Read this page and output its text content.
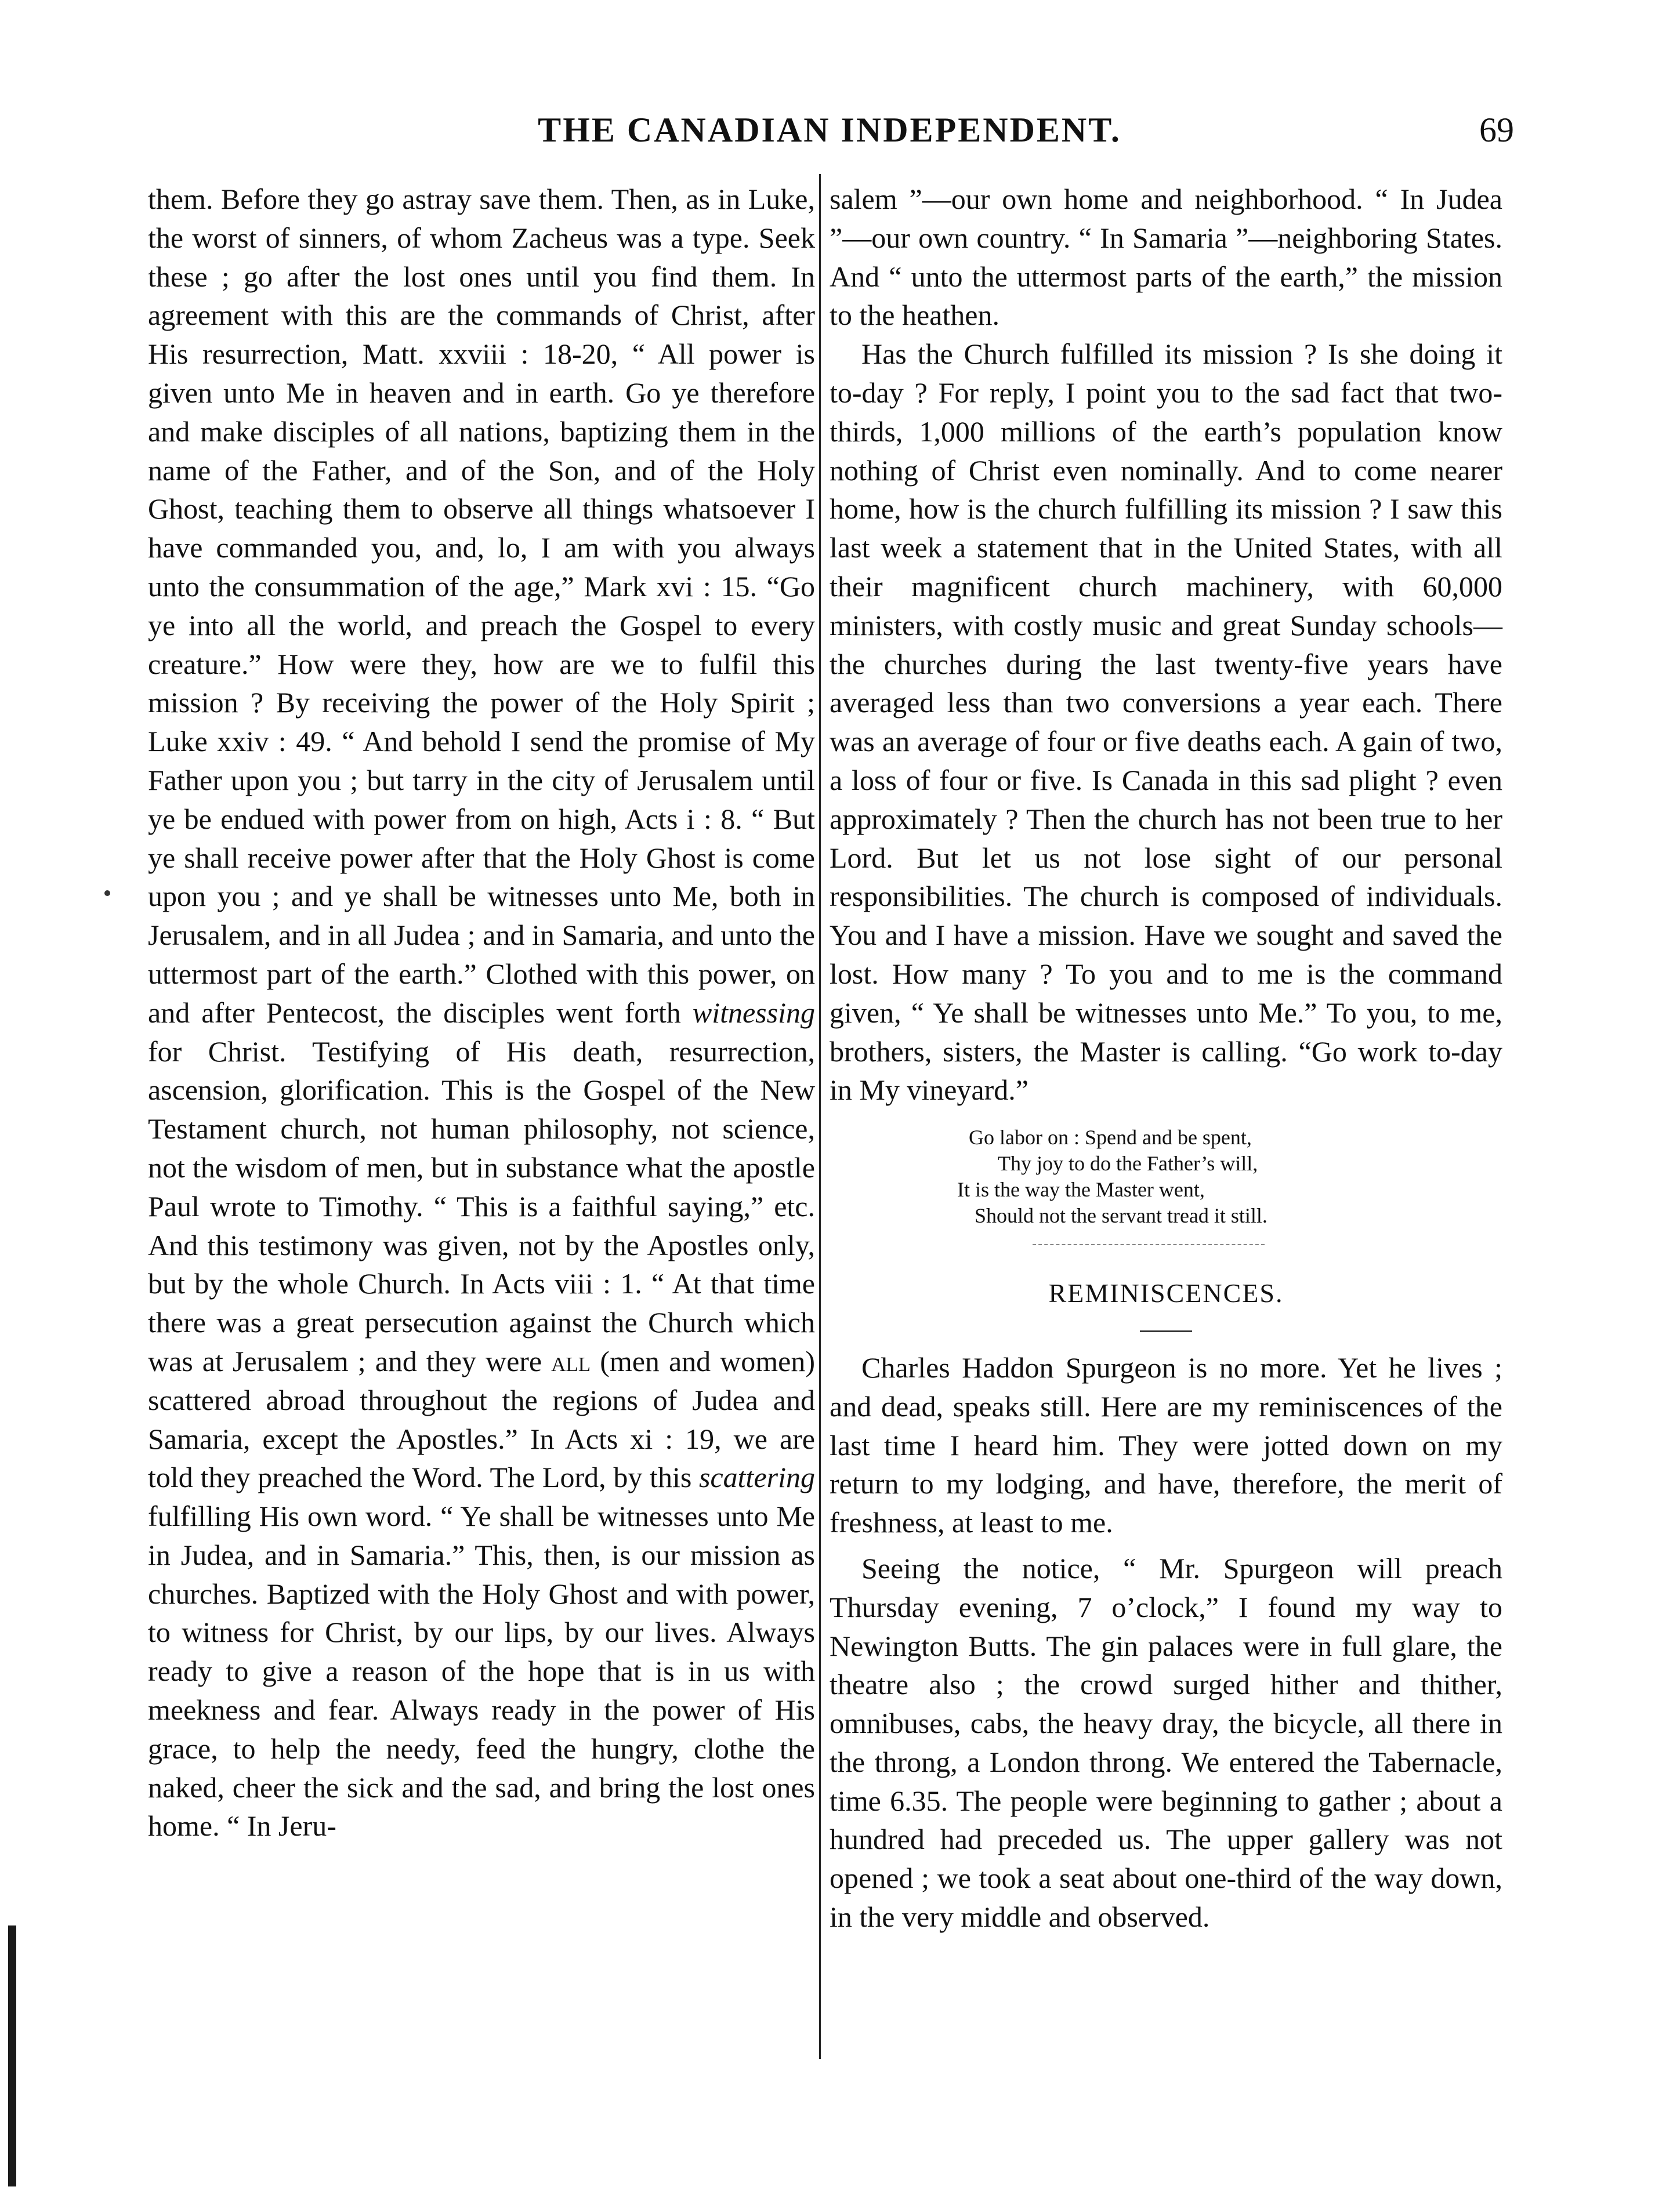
THE CANADIAN INDEPENDENT.	69

them. Before they go astray save them. Then, as in Luke, the worst of sinners, of whom Zacheus was a type. Seek these ; go after the lost ones until you find them. In agreement with this are the commands of Christ, after His resurrection, Matt. xxviii : 18-20, “ All power is given unto Me in heaven and in earth. Go ye therefore and make disciples of all nations, baptizing them in the name of the Father, and of the Son, and of the Holy Ghost, teaching them to observe all things whatsoever I have commanded you, and, lo, I am with you always unto the consummation of the age,” Mark xvi : 15. “Go ye into all the world, and preach the Gospel to every creature.” How were they, how are we to fulfil this mission ? By receiving the power of the Holy Spirit ; Luke xxiv : 49. “ And behold I send the promise of My Father upon you ; but tarry in the city of Jerusalem until ye be endued with power from on high, Acts i : 8. “ But ye shall receive power after that the Holy Ghost is come upon you ; and ye shall be witnesses unto Me, both in Jerusalem, and in all Judea ; and in Samaria, and unto the uttermost part of the earth.” Clothed with this power, on and after Pentecost, the disciples went forth witnessing for Christ. Testifying of His death, resurrection, ascension, glorification. This is the Gospel of the New Testament church, not human philosophy, not science, not the wisdom of men, but in substance what the apostle Paul wrote to Timothy. “ This is a faithful saying,” etc. And this testimony was given, not by the Apostles only, but by the whole Church. In Acts viii : 1. “ At that time there was a great persecution against the Church which was at Jerusalem ; and they were all (men and women) scattered abroad throughout the regions of Judea and Samaria, except the Apostles.” In Acts xi : 19, we are told they preached the Word. The Lord, by this scattering fulfilling His own word. “ Ye shall be witnesses unto Me in Judea, and in Samaria.” This, then, is our mission as churches. Baptized with the Holy Ghost and with power, to witness for Christ, by our lips, by our lives. Always ready to give a reason of the hope that is in us with meekness and fear. Always ready in the power of His grace, to help the needy, feed the hungry, clothe the naked, cheer the sick and the sad, and bring the lost ones home. “ In Jeru-

salem ”—our own home and neighborhood. “ In Judea ”—our own country. “ In Samaria ”—neighboring States. And “ unto the uttermost parts of the earth,” the mission to the heathen.

Has the Church fulfilled its mission ? Is she doing it to-day ? For reply, I point you to the sad fact that two-thirds, 1,000 millions of the earth’s population know nothing of Christ even nominally. And to come nearer home, how is the church fulfilling its mission ? I saw this last week a statement that in the United States, with all their magnificent church machinery, with 60,000 ministers, with costly music and great Sunday schools—the churches during the last twenty-five years have averaged less than two conversions a year each. There was an average of four or five deaths each. A gain of two, a loss of four or five. Is Canada in this sad plight ? even approximately ? Then the church has not been true to her Lord. But let us not lose sight of our personal responsibilities. The church is composed of individuals. You and I have a mission. Have we sought and saved the lost. How many ? To you and to me is the command given, “ Ye shall be witnesses unto Me.” To you, to me, brothers, sisters, the Master is calling. “Go work to-day in My vineyard.”

Go labor on : Spend and be spent,
Thy joy to do the Father’s will,
It is the way the Master went,
Should not the servant tread it still.
REMINISCENCES.

Charles Haddon Spurgeon is no more. Yet he lives ; and dead, speaks still. Here are my reminiscences of the last time I heard him. They were jotted down on my return to my lodging, and have, therefore, the merit of freshness, at least to me.

Seeing the notice, “ Mr. Spurgeon will preach Thursday evening, 7 o’clock,” I found my way to Newington Butts. The gin palaces were in full glare, the theatre also ; the crowd surged hither and thither, omnibuses, cabs, the heavy dray, the bicycle, all there in the throng, a London throng. We entered the Tabernacle, time 6.35. The people were beginning to gather ; about a hundred had preceded us. The upper gallery was not opened ; we took a seat about one-third of the way down, in the very middle and observed.
